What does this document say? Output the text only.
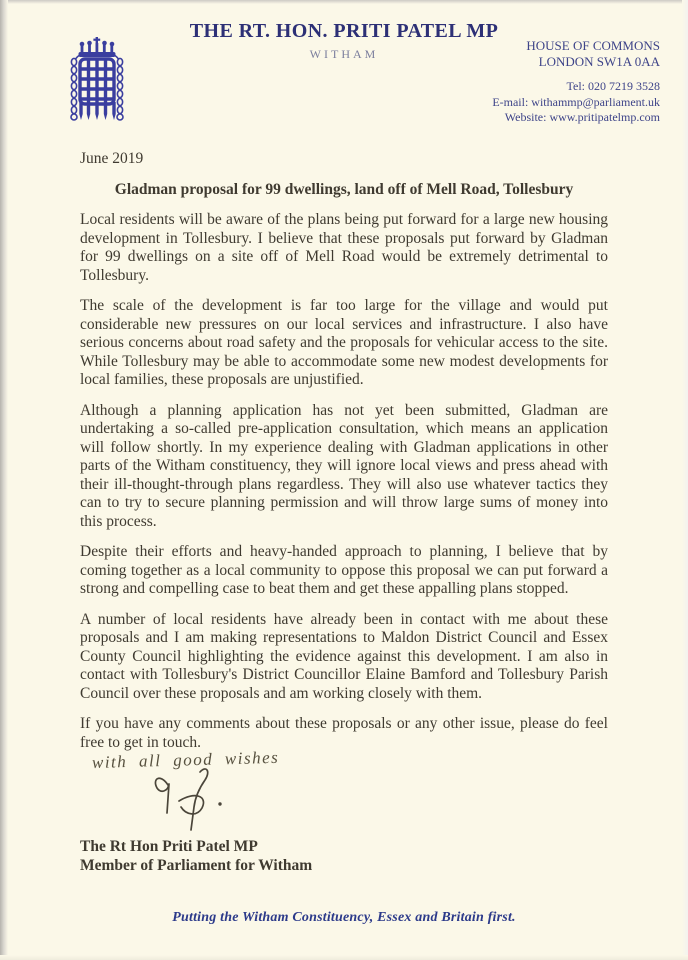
THE RT. HON. PRITI PATEL MP
WITHAM
HOUSE OF COMMONS
LONDON SW1A 0AA
Tel: 020 7219 3528
E-mail: withammp@parliament.uk
Website: www.pritipatelmp.com

June 2019

Gladman proposal for 99 dwellings, land off of Mell Road, Tollesbury

Local residents will be aware of the plans being put forward for a large new housing development in Tollesbury. I believe that these proposals put forward by Gladman for 99 dwellings on a site off of Mell Road would be extremely detrimental to Tollesbury.

The scale of the development is far too large for the village and would put considerable new pressures on our local services and infrastructure. I also have serious concerns about road safety and the proposals for vehicular access to the site. While Tollesbury may be able to accommodate some new modest developments for local families, these proposals are unjustified.

Although a planning application has not yet been submitted, Gladman are undertaking a so-called pre-application consultation, which means an application will follow shortly. In my experience dealing with Gladman applications in other parts of the Witham constituency, they will ignore local views and press ahead with their ill-thought-through plans regardless. They will also use whatever tactics they can to try to secure planning permission and will throw large sums of money into this process.

Despite their efforts and heavy-handed approach to planning, I believe that by coming together as a local community to oppose this proposal we can put forward a strong and compelling case to beat them and get these appalling plans stopped.

A number of local residents have already been in contact with me about these proposals and I am making representations to Maldon District Council and Essex County Council highlighting the evidence against this development. I am also in contact with Tollesbury's District Councillor Elaine Bamford and Tollesbury Parish Council over these proposals and am working closely with them.

If you have any comments about these proposals or any other issue, please do feel free to get in touch.

with all good wishes
The Rt Hon Priti Patel MP
Member of Parliament for Witham
Putting the Witham Constituency, Essex and Britain first.
